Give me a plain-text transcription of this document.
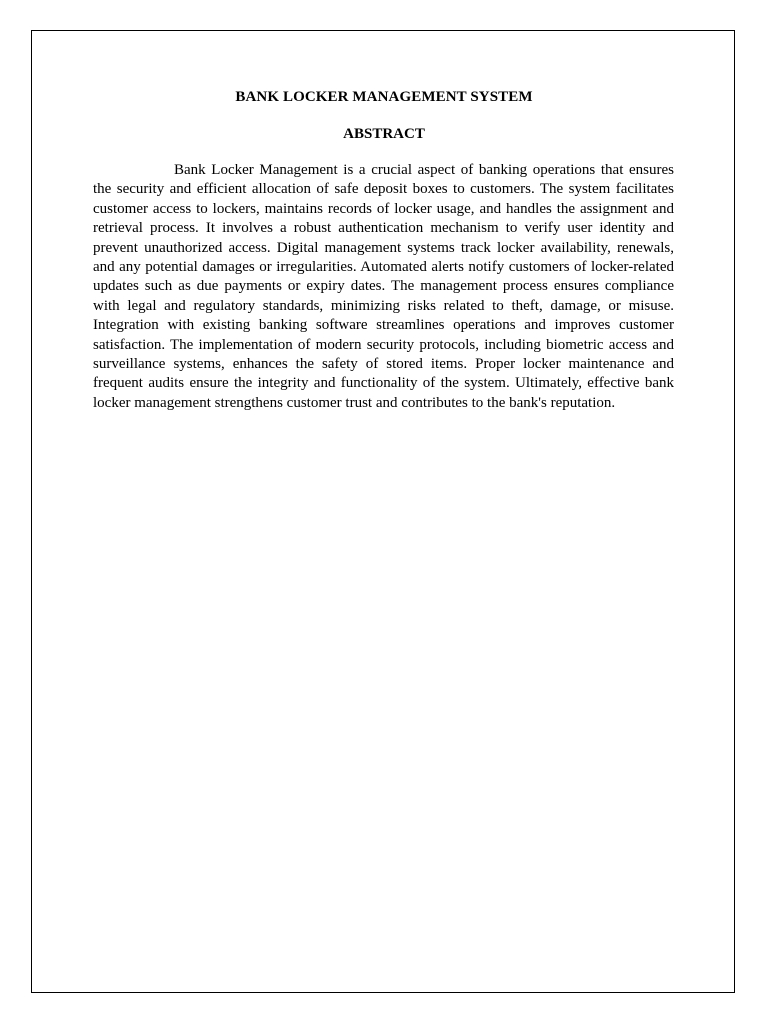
BANK LOCKER MANAGEMENT SYSTEM
ABSTRACT

Bank Locker Management is a crucial aspect of banking operations that ensures the security and efficient allocation of safe deposit boxes to customers. The system facilitates customer access to lockers, maintains records of locker usage, and handles the assignment and retrieval process. It involves a robust authentication mechanism to verify user identity and prevent unauthorized access. Digital management systems track locker availability, renewals, and any potential damages or irregularities. Automated alerts notify customers of locker-related updates such as due payments or expiry dates. The management process ensures compliance with legal and regulatory standards, minimizing risks related to theft, damage, or misuse. Integration with existing banking software streamlines operations and improves customer satisfaction. The implementation of modern security protocols, including biometric access and surveillance systems, enhances the safety of stored items. Proper locker maintenance and frequent audits ensure the integrity and functionality of the system. Ultimately, effective bank locker management strengthens customer trust and contributes to the bank's reputation.
